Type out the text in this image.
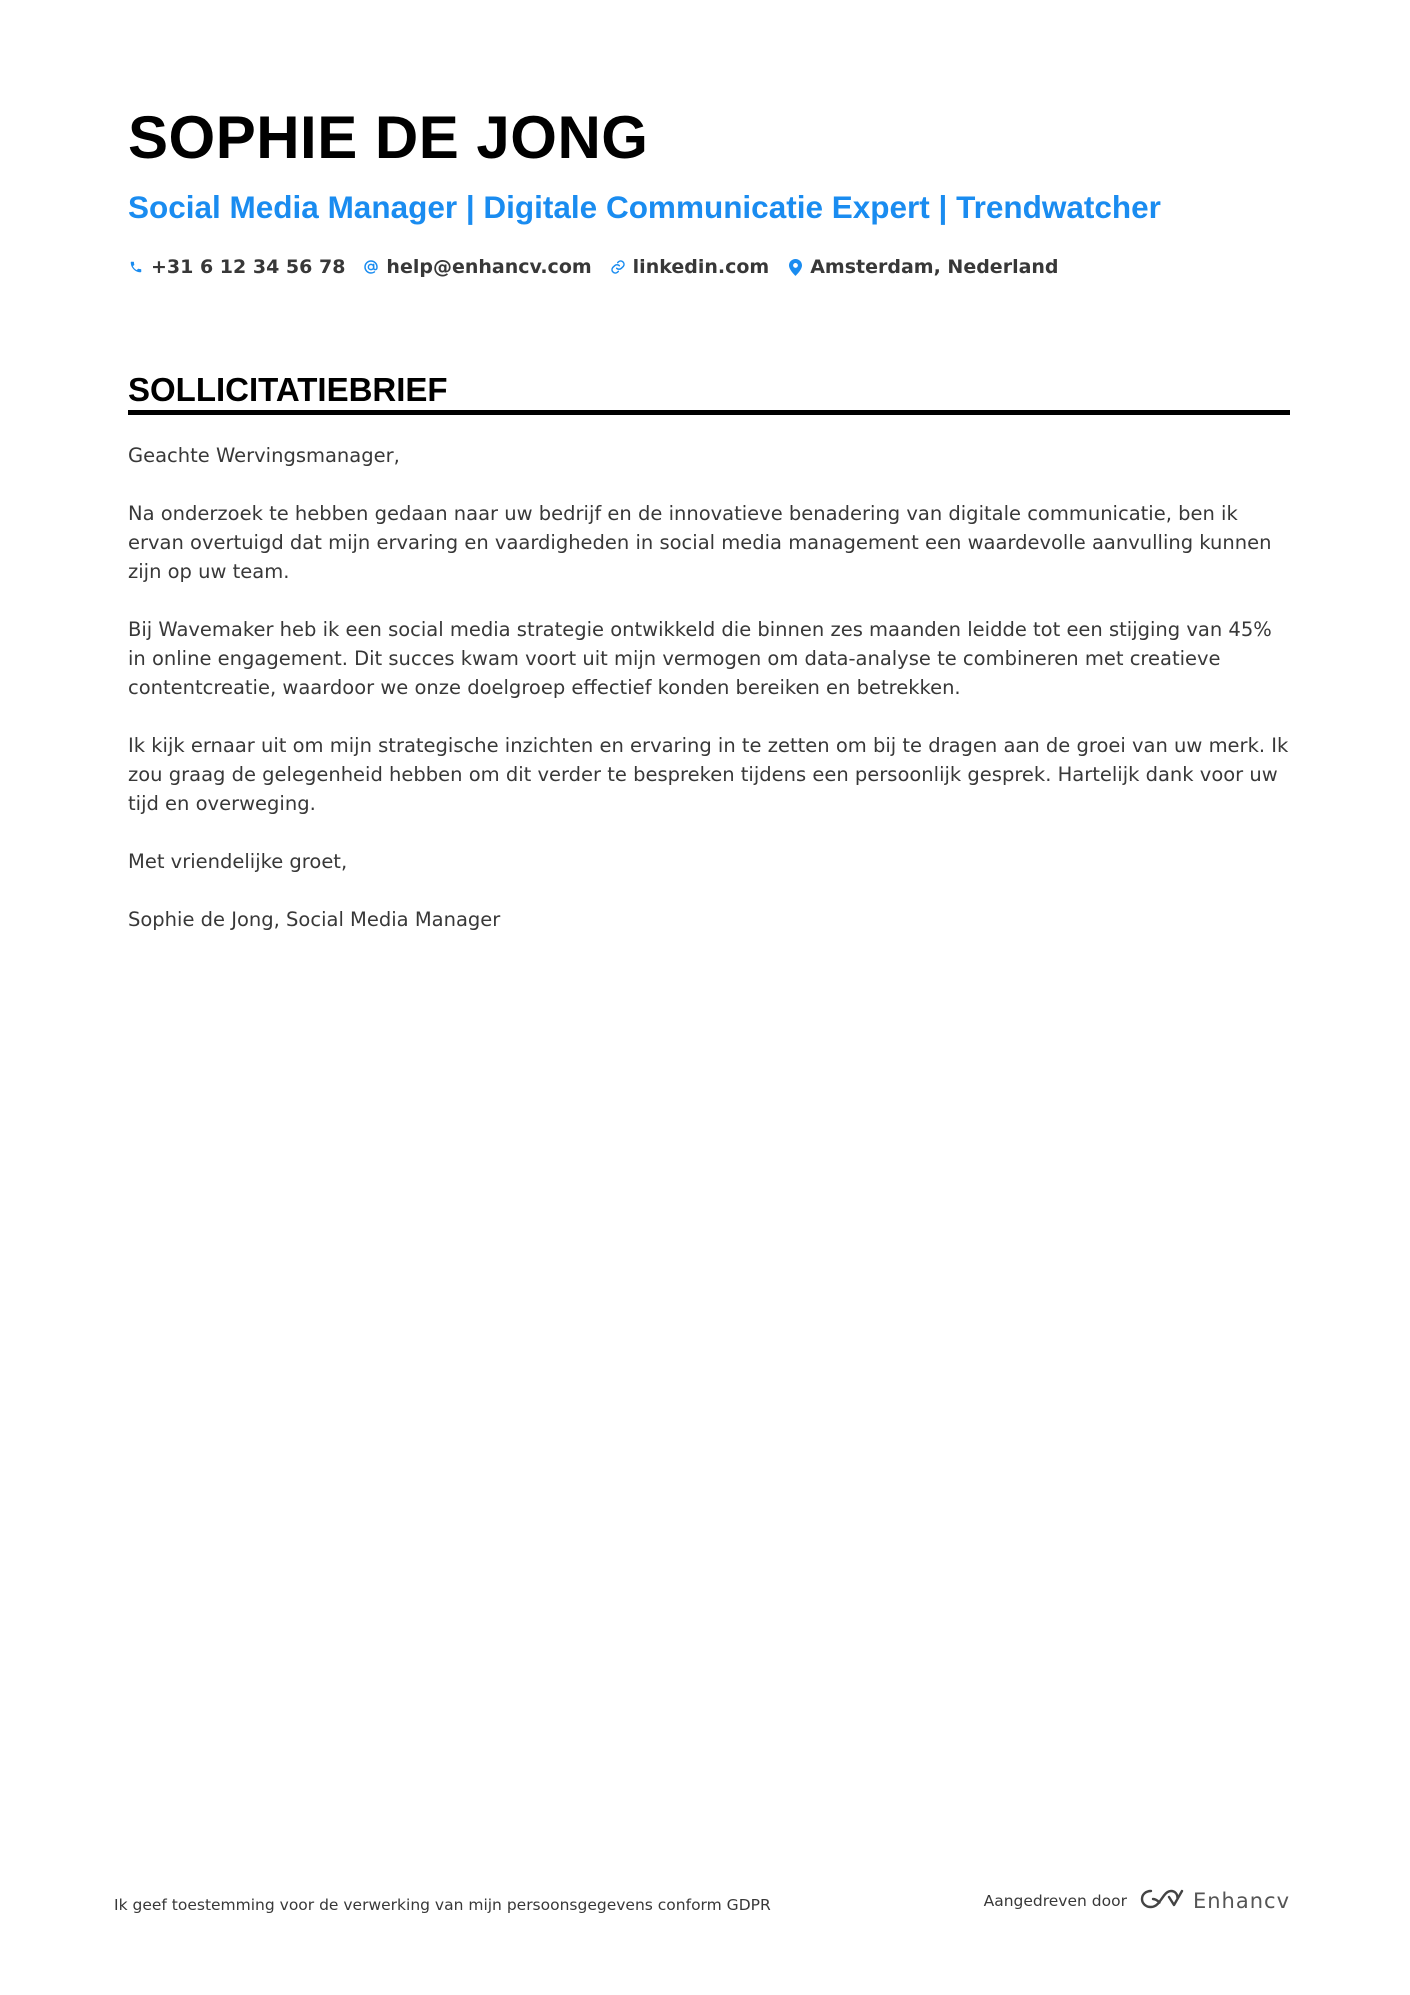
SOPHIE DE JONG
Social Media Manager | Digitale Communicatie Expert | Trendwatcher
+31 6 12 34 56 78 help@enhancv.com linkedin.com Amsterdam, Nederland
SOLLICITATIEBRIEF

Geachte Wervingsmanager,

Na onderzoek te hebben gedaan naar uw bedrijf en de innovatieve benadering van digitale communicatie, ben ik ervan overtuigd dat mijn ervaring en vaardigheden in social media management een waardevolle aanvulling kunnen zijn op uw team.

Bij Wavemaker heb ik een social media strategie ontwikkeld die binnen zes maanden leidde tot een stijging van 45% in online engagement. Dit succes kwam voort uit mijn vermogen om data-analyse te combineren met creatieve contentcreatie, waardoor we onze doelgroep effectief konden bereiken en betrekken.

Ik kijk ernaar uit om mijn strategische inzichten en ervaring in te zetten om bij te dragen aan de groei van uw merk. Ik zou graag de gelegenheid hebben om dit verder te bespreken tijdens een persoonlijk gesprek. Hartelijk dank voor uw tijd en overweging.

Met vriendelijke groet,

Sophie de Jong, Social Media Manager

Ik geef toestemming voor de verwerking van mijn persoonsgegevens conform GDPR	Aangedreven door	Enhancv
